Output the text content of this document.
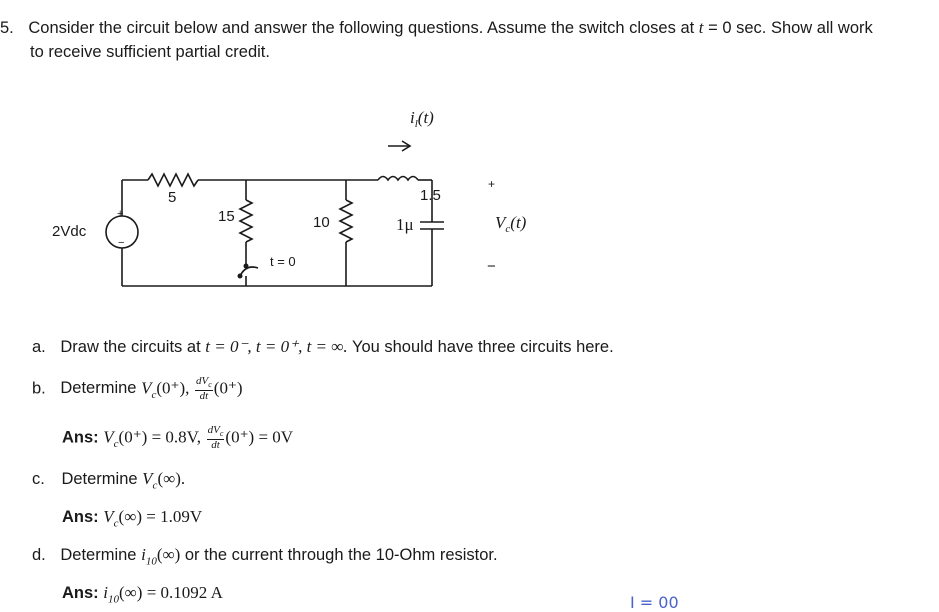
5. Consider the circuit below and answer the following questions. Assume the switch closes at t = 0 sec. Show all work
to receive sufficient partial credit.
2Vdc
+
−
5
15
t = 0
10
1.5
1μ
$i_l(t)$
+
$V_c(t)$
−
a. Draw the circuits at t = 0⁻, t = 0⁺, t = ∞. You should have three circuits here.
b. Determine $V_c(0^+)$, $\frac{dV_c}{dt} (0^+)$
Ans: $V_c(0^+) = 0.8V$, $\frac{dV_c}{dt} (0^+) = 0V$
c. Determine $V_c(\infty)$.
Ans: $V_c(\infty) = 1.09V$
d. Determine $i_{10}(\infty)$ or the current through the 10-Ohm resistor.
Ans: $i_{10}(\infty) = 0.1092$ A
I = 00
